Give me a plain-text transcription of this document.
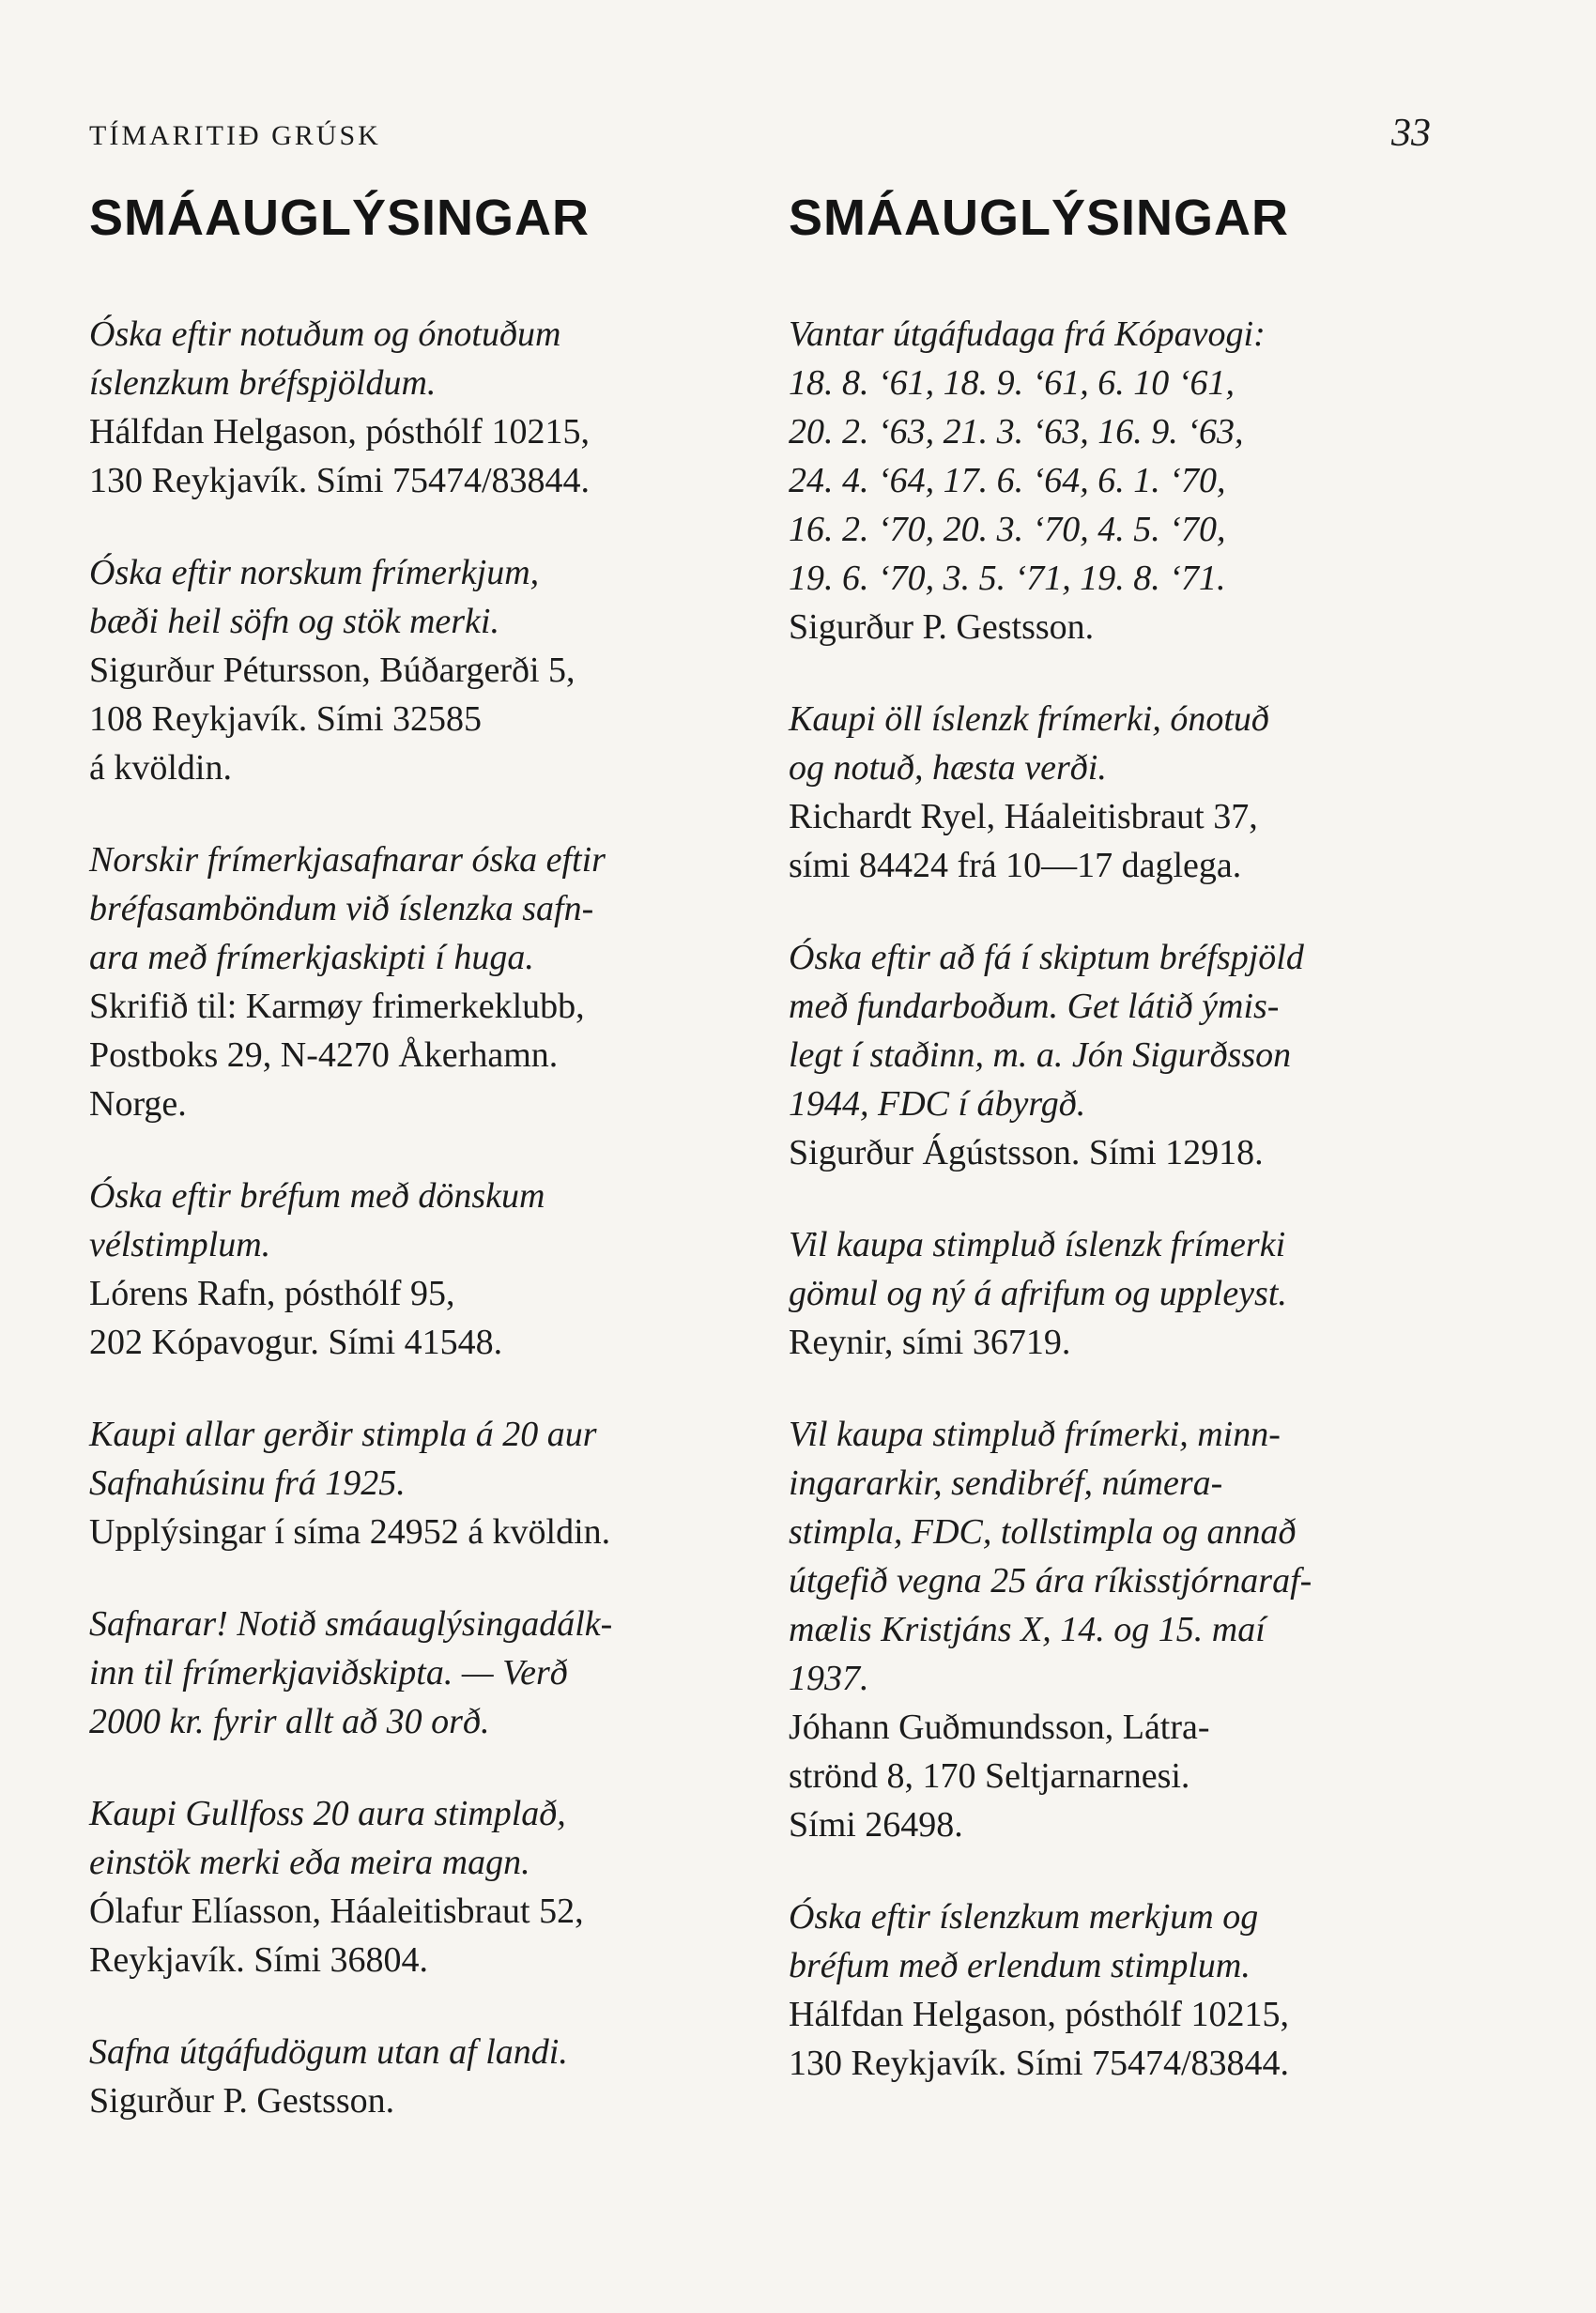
TÍMARITIÐ GRÚSK	33
SMÁAUGLÝSINGAR
Óska eftir notuðum og ónotuðum
íslenzkum bréfspjöldum.
Hálfdan Helgason, pósthólf 10215,
130 Reykjavík. Sími 75474/83844.
Óska eftir norskum frímerkjum,
bæði heil söfn og stök merki.
Sigurður Pétursson, Búðargerði 5,
108 Reykjavík. Sími 32585
á kvöldin.
Norskir frímerkjasafnarar óska eftir
bréfasamböndum við íslenzka safn-
ara með frímerkjaskipti í huga.
Skrifið til: Karmøy frimerkeklubb,
Postboks 29, N-4270 Åkerhamn.
Norge.
Óska eftir bréfum með dönskum
vélstimplum.
Lórens Rafn, pósthólf 95,
202 Kópavogur. Sími 41548.
Kaupi allar gerðir stimpla á 20 aur
Safnahúsinu frá 1925.
Upplýsingar í síma 24952 á kvöldin.
Safnarar! Notið smáauglýsingadálk-
inn til frímerkjaviðskipta. — Verð
2000 kr. fyrir allt að 30 orð.
Kaupi Gullfoss 20 aura stimplað,
einstök merki eða meira magn.
Ólafur Elíasson, Háaleitisbraut 52,
Reykjavík. Sími 36804.
Safna útgáfudögum utan af landi.
Sigurður P. Gestsson.
SMÁAUGLÝSINGAR
Vantar útgáfudaga frá Kópavogi:
18. 8. ‘61, 18. 9. ‘61, 6. 10 ‘61,
20. 2. ‘63, 21. 3. ‘63, 16. 9. ‘63,
24. 4. ‘64, 17. 6. ‘64, 6. 1. ‘70,
16. 2. ‘70, 20. 3. ‘70, 4. 5. ‘70,
19. 6. ‘70, 3. 5. ‘71, 19. 8. ‘71.
Sigurður P. Gestsson.
Kaupi öll íslenzk frímerki, ónotuð
og notuð, hæsta verði.
Richardt Ryel, Háaleitisbraut 37,
sími 84424 frá 10—17 daglega.
Óska eftir að fá í skiptum bréfspjöld
með fundarboðum. Get látið ýmis-
legt í staðinn, m. a. Jón Sigurðsson
1944, FDC í ábyrgð.
Sigurður Ágústsson. Sími 12918.
Vil kaupa stimpluð íslenzk frímerki
gömul og ný á afrifum og uppleyst.
Reynir, sími 36719.
Vil kaupa stimpluð frímerki, minn-
ingararkir, sendibréf, númera-
stimpla, FDC, tollstimpla og annað
útgefið vegna 25 ára ríkisstjórnaraf-
mælis Kristjáns X, 14. og 15. maí
1937.
Jóhann Guðmundsson, Látra-
strönd 8, 170 Seltjarnarnesi.
Sími 26498.
Óska eftir íslenzkum merkjum og
bréfum með erlendum stimplum.
Hálfdan Helgason, pósthólf 10215,
130 Reykjavík. Sími 75474/83844.
